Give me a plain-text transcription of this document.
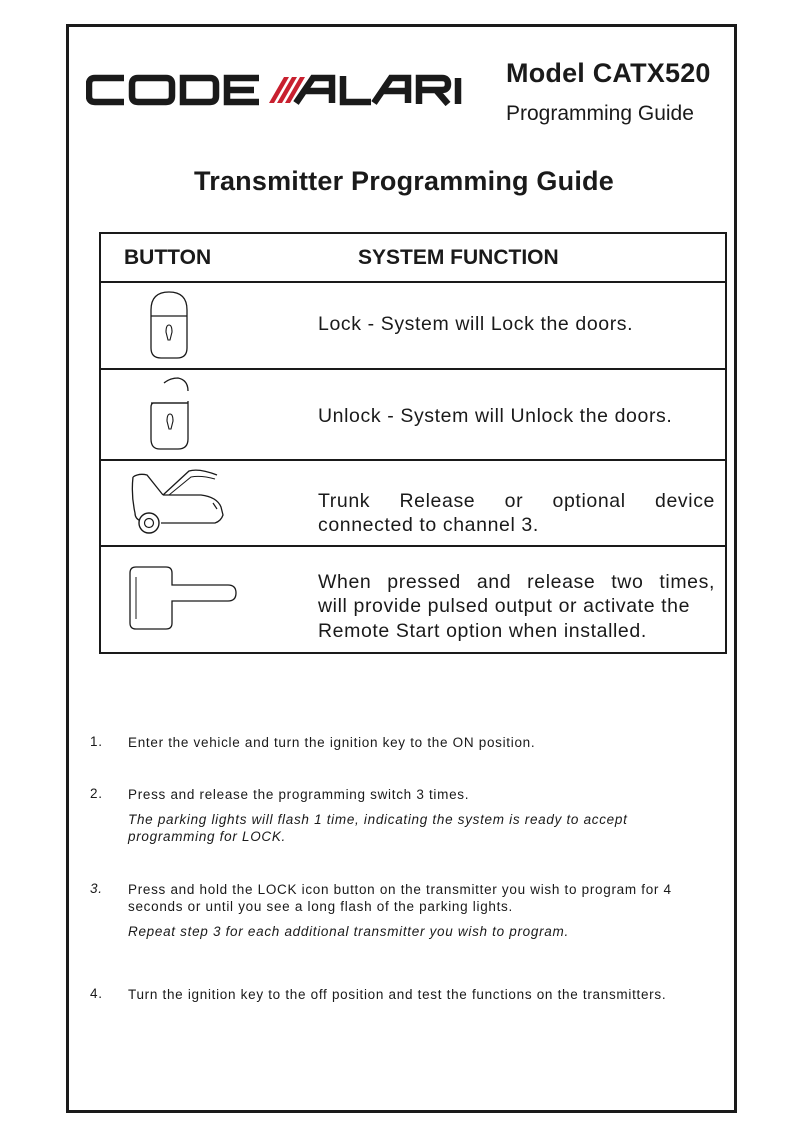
Model CATX520
Programming Guide
Transmitter Programming Guide
BUTTON	SYSTEM FUNCTION
Lock - System will Lock the doors.
Unlock - System will Unlock the doors.
Trunk Release or optional device
connected to channel 3.
When pressed and release two times,
will provide pulsed output or activate the
Remote Start option when installed.
1. Enter the vehicle and turn the ignition key to the ON position.
2. Press and release the programming switch 3 times.
The parking lights will flash 1 time, indicating the system is ready to accept programming for LOCK.
3. Press and hold the LOCK icon button on the transmitter you wish to program for 4 seconds or until you see a long flash of the parking lights.
Repeat step 3 for each additional transmitter you wish to program.
4. Turn the ignition key to the off position and test the functions on the transmitters.
